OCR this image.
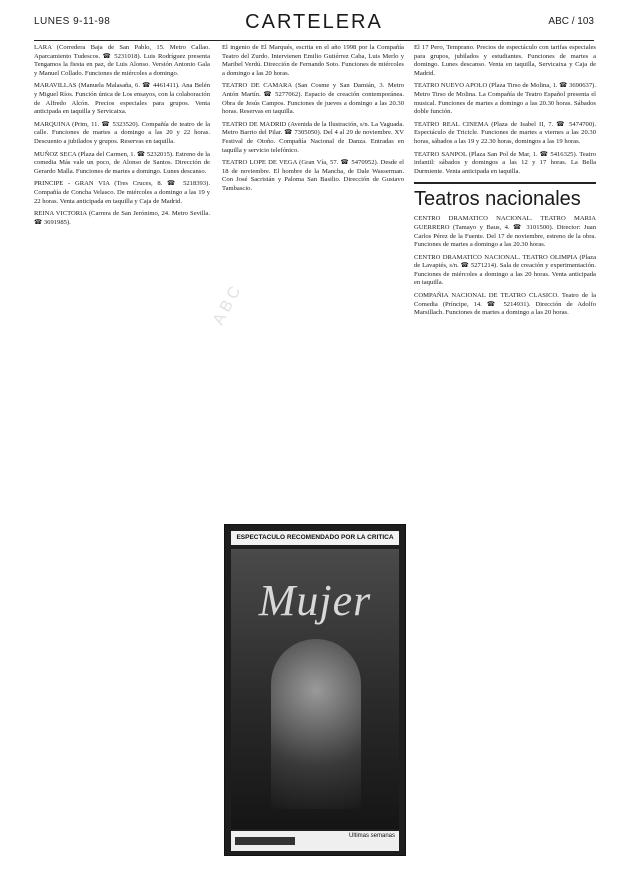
LUNES 9-11-98	CARTELERA	ABC / 103

LARA (Corredera Baja de San Pablo, 15. Metro Callao. Aparcamiento Tudescos. ☎ 5231018). Luis Rodríguez presenta Tengamos la fiesta en paz, de Luis Alonso. Versión Antonio Gala y Manuel Collado. Funciones de miércoles a domingo.

MARAVILLAS (Manuela Malasaña, 6. ☎ 4461411). Ana Belén y Miguel Ríos. Función única de Los ensayos, con la colaboración de Alfredo Alcón. Precios especiales para grupos. Venta anticipada en taquilla y Servicaixa.

MARQUINA (Prim, 11. ☎ 5323520). Compañía de teatro de la calle. Funciones de martes a domingo a las 20 y 22 horas. Descuento a jubilados y grupos. Reservas en taquilla.

MUÑOZ SECA (Plaza del Carmen, 1. ☎ 5232015). Estreno de la comedia Más vale un poco, de Alonso de Santos. Dirección de Gerardo Malla. Funciones de martes a domingo. Lunes descanso.

PRINCIPE - GRAN VIA (Tres Cruces, 8. ☎ 5218393). Compañía de Concha Velasco. De miércoles a domingo a las 19 y 22 horas. Venta anticipada en taquilla y Caja de Madrid.

REINA VICTORIA (Carrera de San Jerónimo, 24. Metro Sevilla. ☎ 3691985).

El ingenio de El Marqués, escrita en el año 1998 por la Compañía Teatro del Zurdo. Intervienen Emilio Gutiérrez Caba, Luis Merlo y Maribel Verdú. Dirección de Fernando Soto. Funciones de miércoles a domingo a las 20 horas.

TEATRO DE CAMARA (San Cosme y San Damián, 3. Metro Antón Martín. ☎ 5277062). Espacio de creación contemporánea. Obra de Jesús Campos. Funciones de jueves a domingo a las 20.30 horas. Reservas en taquilla.

TEATRO DE MADRID (Avenida de la Ilustración, s/n. La Vaguada. Metro Barrio del Pilar. ☎ 7305050). Del 4 al 29 de noviembre. XV Festival de Otoño. Compañía Nacional de Danza. Entradas en taquilla y servicio telefónico.

TEATRO LOPE DE VEGA (Gran Vía, 57. ☎ 5470952). Desde el 18 de noviembre. El hombre de la Mancha, de Dale Wasserman. Con José Sacristán y Paloma San Basilio. Dirección de Gustavo Tambascio.

ESPECTACULO RECOMENDADO POR LA CRITICA
Mujer
Ultimas semanas

El 17 Pero, Temprano. Precios de espectáculo con tarifas especiales para grupos, jubilados y estudiantes. Funciones de martes a domingo. Lunes descanso. Venta en taquilla, Servicaixa y Caja de Madrid.

TEATRO NUEVO APOLO (Plaza Tirso de Molina, 1. ☎ 3690637). Metro Tirso de Molina. La Compañía de Teatro Español presenta el musical. Funciones de martes a domingo a las 20.30 horas. Sábados doble función.

TEATRO REAL CINEMA (Plaza de Isabel II, 7. ☎ 5474700). Espectáculo de Tricicle. Funciones de martes a viernes a las 20.30 horas, sábados a las 19 y 22.30 horas, domingos a las 19 horas.

TEATRO SANPOL (Plaza San Pol de Mar, 1. ☎ 5416325). Teatro infantil: sábados y domingos a las 12 y 17 horas. La Bella Durmiente. Venta anticipada en taquilla.

Teatros nacionales

CENTRO DRAMATICO NACIONAL. TEATRO MARIA GUERRERO (Tamayo y Baus, 4. ☎ 3101500). Director: Juan Carlos Pérez de la Fuente. Del 17 de noviembre, estreno de la obra. Funciones de martes a domingo a las 20.30 horas.

CENTRO DRAMATICO NACIONAL. TEATRO OLIMPIA (Plaza de Lavapiés, s/n. ☎ 5271214). Sala de creación y experimentación. Funciones de miércoles a domingo a las 20 horas. Venta anticipada en taquilla.

COMPAÑIA NACIONAL DE TEATRO CLASICO. Teatro de la Comedia (Príncipe, 14. ☎ 5214931). Dirección de Adolfo Marsillach. Funciones de martes a domingo a las 20 horas.

ABC
